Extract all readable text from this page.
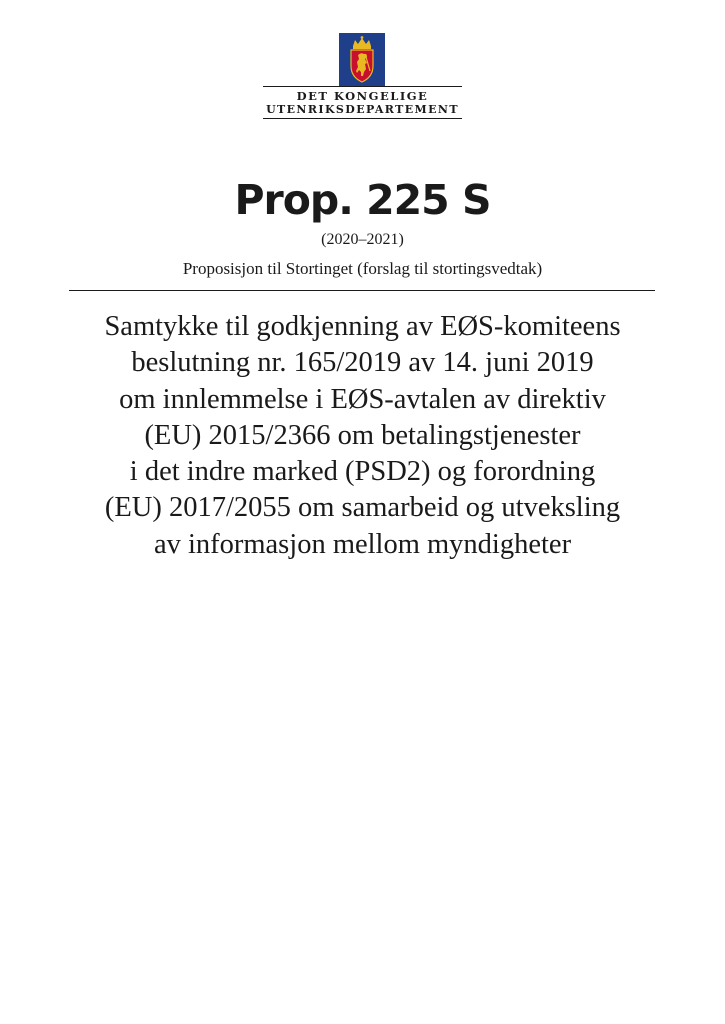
DET KONGELIGE
UTENRIKSDEPARTEMENT
Prop. 225 S
(2020–2021)
Proposisjon til Stortinget (forslag til stortingsvedtak)
Samtykke til godkjenning av EØS-komiteens
beslutning nr. 165/2019 av 14. juni 2019
om innlemmelse i EØS-avtalen av direktiv
(EU) 2015/2366 om betalingstjenester
i det indre marked (PSD2) og forordning
(EU) 2017/2055 om samarbeid og utveksling
av informasjon mellom myndigheter
